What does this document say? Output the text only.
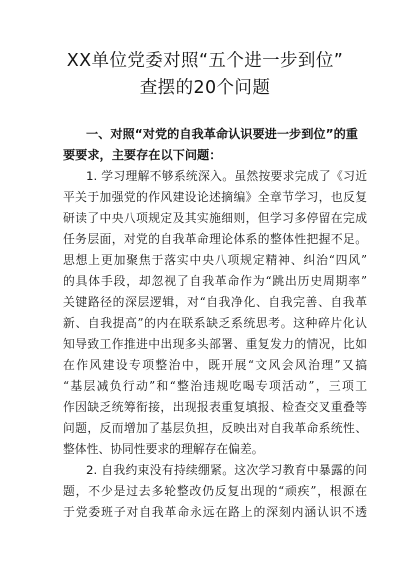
XX单位党委对照“五个进一步到位”
查摆的20个问题
一、对照“对党的自我革命认识要进一步到位”的重
要要求，主要存在以下问题：
1. 学习理解不够系统深入。虽然按要求完成了《习近
平关于加强党的作风建设论述摘编》全章节学习，也反复
研读了中央八项规定及其实施细则，但学习多停留在完成
任务层面，对党的自我革命理论体系的整体性把握不足。
思想上更加聚焦于落实中央八项规定精神、纠治“四风”
的具体手段，却忽视了自我革命作为“跳出历史周期率”
关键路径的深层逻辑，对“自我净化、自我完善、自我革
新、自我提高”的内在联系缺乏系统思考。这种碎片化认
知导致工作推进中出现多头部署、重复发力的情况，比如
在作风建设专项整治中，既开展“文风会风治理”又搞
“基层减负行动”和“整治违规吃喝专项活动”，三项工
作因缺乏统筹衔接，出现报表重复填报、检查交叉重叠等
问题，反而增加了基层负担，反映出对自我革命系统性、
整体性、协同性要求的理解存在偏差。
2. 自我约束没有持续绷紧。这次学习教育中暴露的问
题，不少是过去多轮整改仍反复出现的“顽疾”，根源在
于党委班子对自我革命永远在路上的深刻内涵认识不透
